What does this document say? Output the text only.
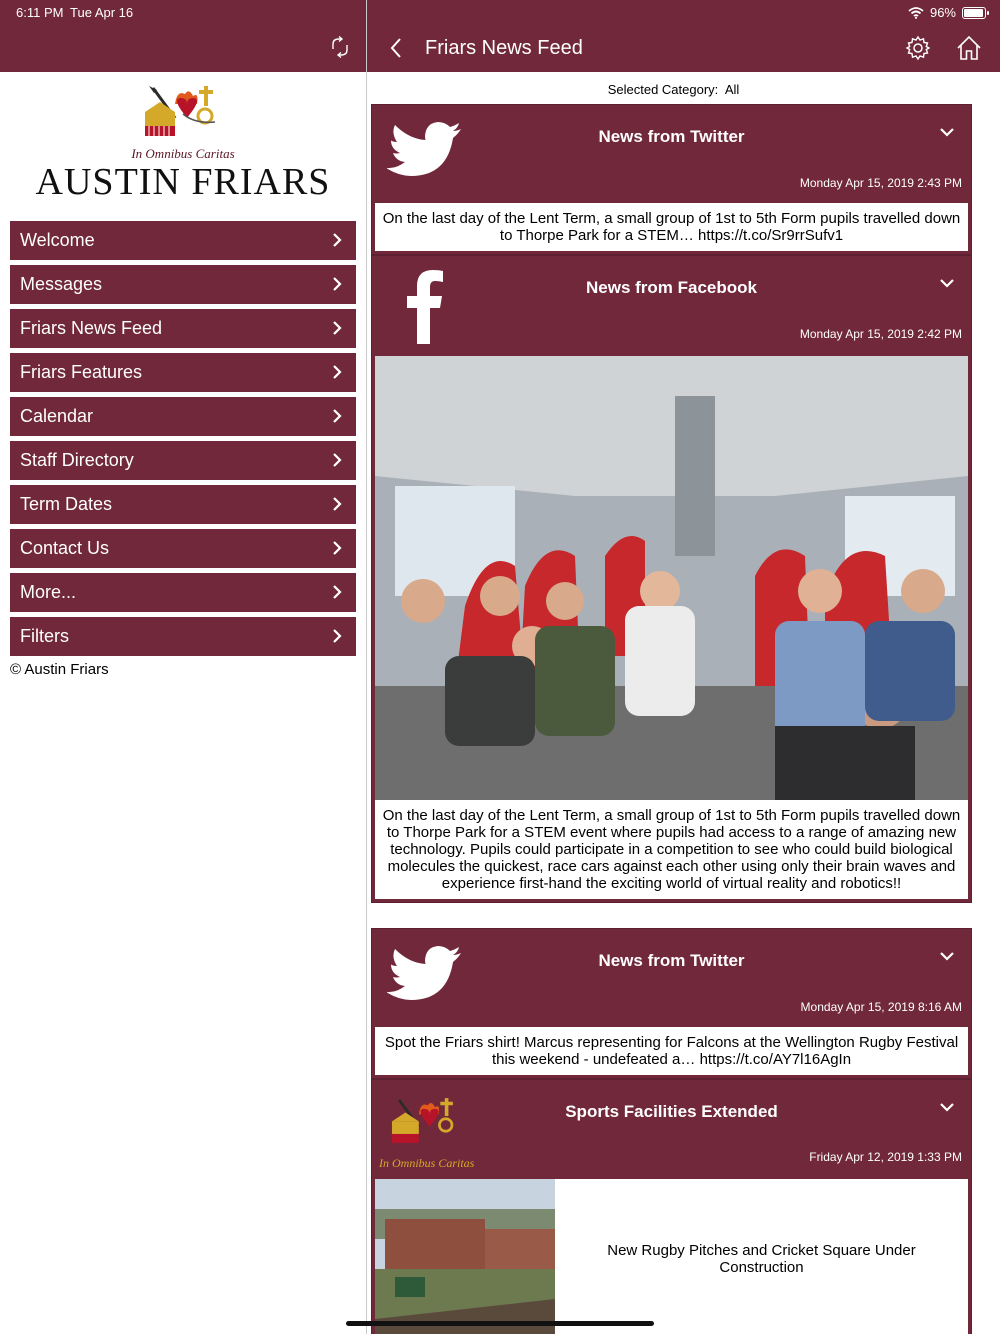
6:11 PM Tue Apr 16	96%
Friars News Feed
In Omnibus Caritas
AUSTIN FRIARS
Welcome
Messages
Friars News Feed
Friars Features
Calendar
Staff Directory
Term Dates
Contact Us
More...
Filters
© Austin Friars
Selected Category: All
News from Twitter
Monday Apr 15, 2019 2:43 PM
On the last day of the Lent Term, a small group of 1st to 5th Form pupils travelled down to Thorpe Park for a STEM… https://t.co/Sr9rrSufv1
News from Facebook
Monday Apr 15, 2019 2:42 PM
On the last day of the Lent Term, a small group of 1st to 5th Form pupils travelled down to Thorpe Park for a STEM event where pupils had access to a range of amazing new technology. Pupils could participate in a competition to see who could build biological molecules the quickest, race cars against each other using only their brain waves and experience first-hand the exciting world of virtual reality and robotics!!
News from Twitter
Monday Apr 15, 2019 8:16 AM
Spot the Friars shirt! Marcus representing for Falcons at the Wellington Rugby Festival this weekend - undefeated a… https://t.co/AY7l16AgIn
In Omnibus Caritas
Sports Facilities Extended
Friday Apr 12, 2019 1:33 PM
New Rugby Pitches and Cricket Square Under Construction
